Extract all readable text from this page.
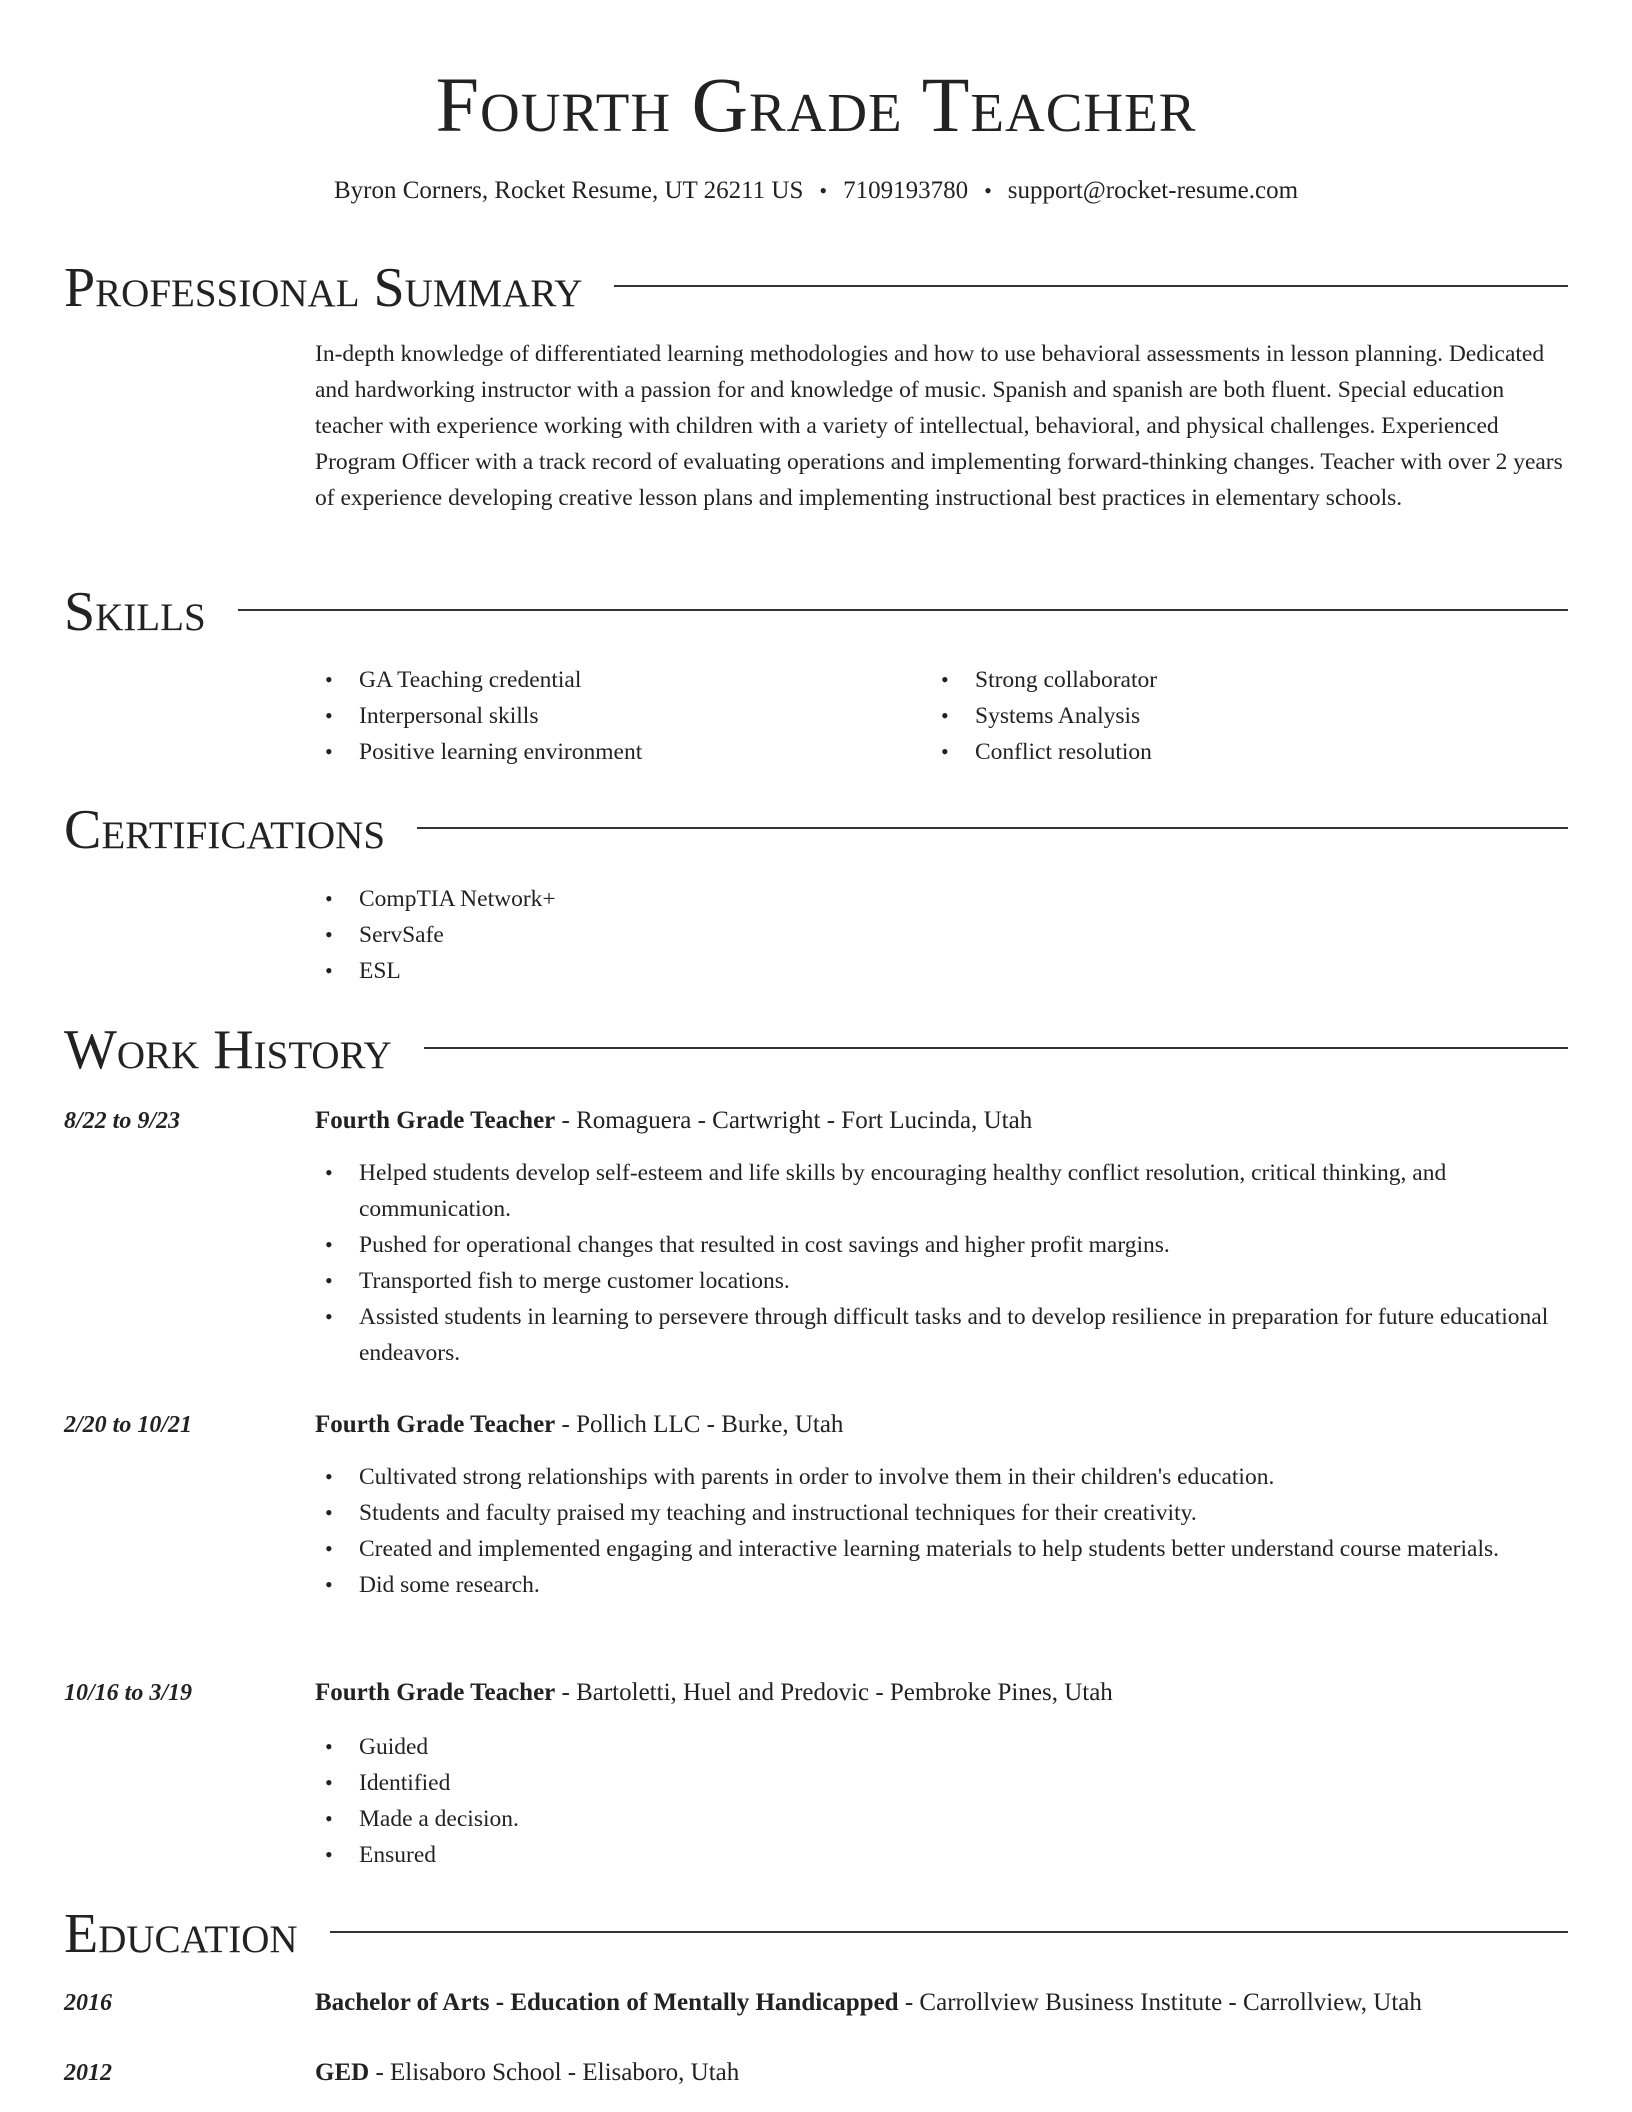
Fourth Grade Teacher
Byron Corners, Rocket Resume, UT 26211 US • 7109193780 • support@rocket-resume.com
Professional Summary
In-depth knowledge of differentiated learning methodologies and how to use behavioral assessments in lesson planning. Dedicated and hardworking instructor with a passion for and knowledge of music. Spanish and spanish are both fluent. Special education teacher with experience working with children with a variety of intellectual, behavioral, and physical challenges. Experienced Program Officer with a track record of evaluating operations and implementing forward-thinking changes. Teacher with over 2 years of experience developing creative lesson plans and implementing instructional best practices in elementary schools.
Skills
• GA Teaching credential
• Interpersonal skills
• Positive learning environment
• Strong collaborator
• Systems Analysis
• Conflict resolution
Certifications
• CompTIA Network+
• ServSafe
• ESL
Work History
8/22 to 9/23	Fourth Grade Teacher - Romaguera - Cartwright - Fort Lucinda, Utah
• Helped students develop self-esteem and life skills by encouraging healthy conflict resolution, critical thinking, and communication.
• Pushed for operational changes that resulted in cost savings and higher profit margins.
• Transported fish to merge customer locations.
• Assisted students in learning to persevere through difficult tasks and to develop resilience in preparation for future educational endeavors.
2/20 to 10/21	Fourth Grade Teacher - Pollich LLC - Burke, Utah
• Cultivated strong relationships with parents in order to involve them in their children's education.
• Students and faculty praised my teaching and instructional techniques for their creativity.
• Created and implemented engaging and interactive learning materials to help students better understand course materials.
• Did some research.
10/16 to 3/19	Fourth Grade Teacher - Bartoletti, Huel and Predovic - Pembroke Pines, Utah
• Guided
• Identified
• Made a decision.
• Ensured
Education
2016	Bachelor of Arts - Education of Mentally Handicapped - Carrollview Business Institute - Carrollview, Utah
2012	GED - Elisaboro School - Elisaboro, Utah
